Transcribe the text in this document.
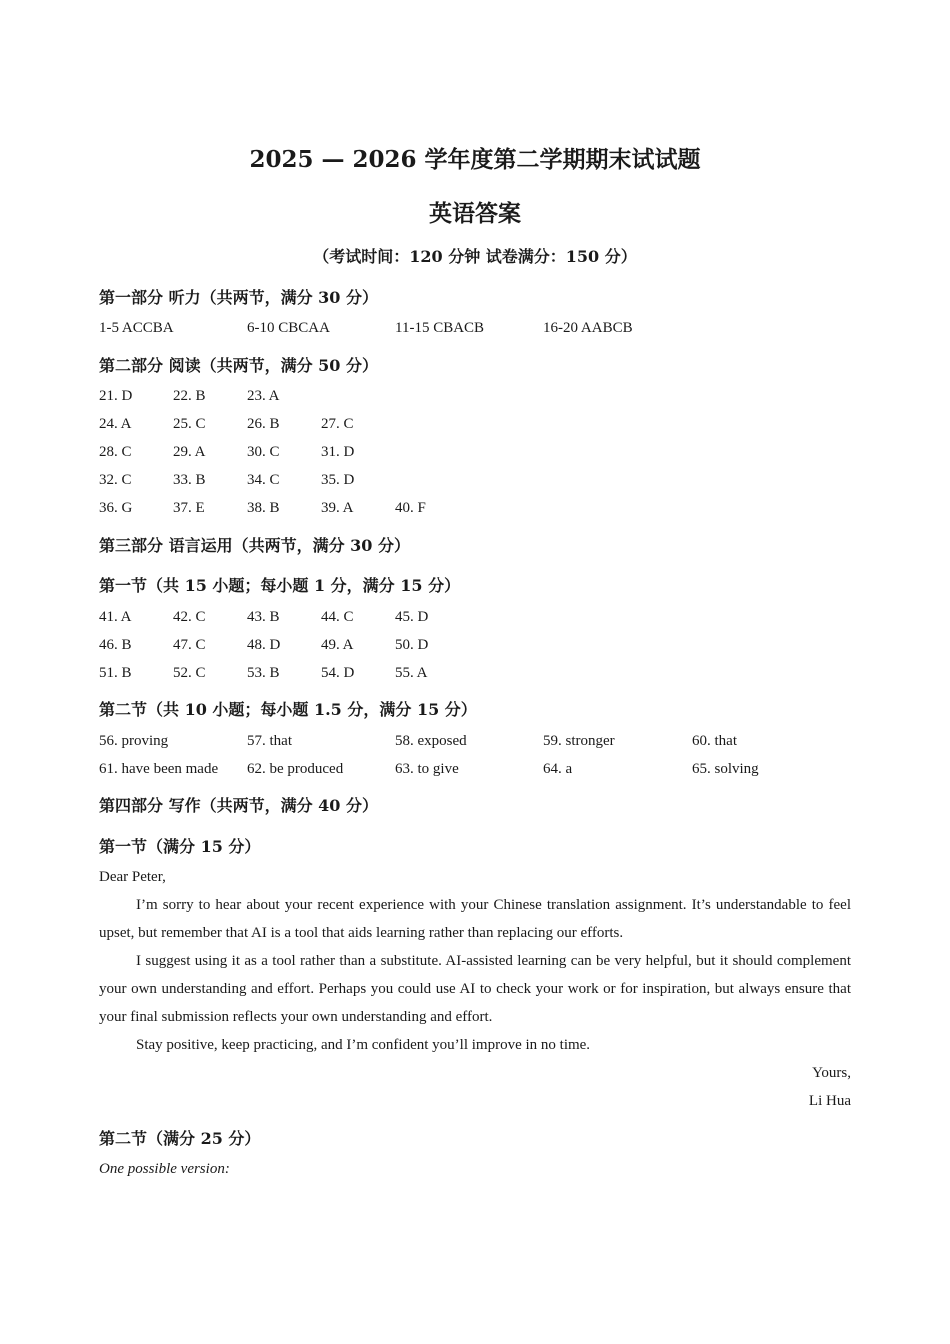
2025 — 2026 学年度第二学期期末试试题
英语答案
（考试时间：120 分钟 试卷满分：150 分）
第一部分 听力（共两节，满分 30 分）
1-5 ACCBA	6-10 CBCAA	11-15 CBACB	16-20 AABCB
第二部分 阅读（共两节，满分 50 分）
21. D	22. B	23. A
24. A	25. C	26. B	27. C
28. C	29. A	30. C	31. D
32. C	33. B	34. C	35. D
36. G	37. E	38. B	39. A	40. F
第三部分 语言运用（共两节，满分 30 分）
第一节（共 15 小题；每小题 1 分，满分 15 分）
41. A	42. C	43. B	44. C	45. D
46. B	47. C	48. D	49. A	50. D
51. B	52. C	53. B	54. D	55. A
第二节（共 10 小题；每小题 1.5 分，满分 15 分）
56. proving	57. that	58. exposed	59. stronger	60. that
61. have been made 62. be produced	63. to give	64. a	65. solving
第四部分 写作（共两节，满分 40 分）
第一节（满分 15 分）
Dear Peter,
I’m sorry to hear about your recent experience with your Chinese translation assignment. It’s understandable to feel upset, but remember that AI is a tool that aids learning rather than replacing our efforts.
I suggest using it as a tool rather than a substitute. AI-assisted learning can be very helpful, but it should complement your own understanding and effort. Perhaps you could use AI to check your work or for inspiration, but always ensure that your final submission reflects your own understanding and effort.
Stay positive, keep practicing, and I’m confident you’ll improve in no time.
Yours,
Li Hua
第二节（满分 25 分）
One possible version:
